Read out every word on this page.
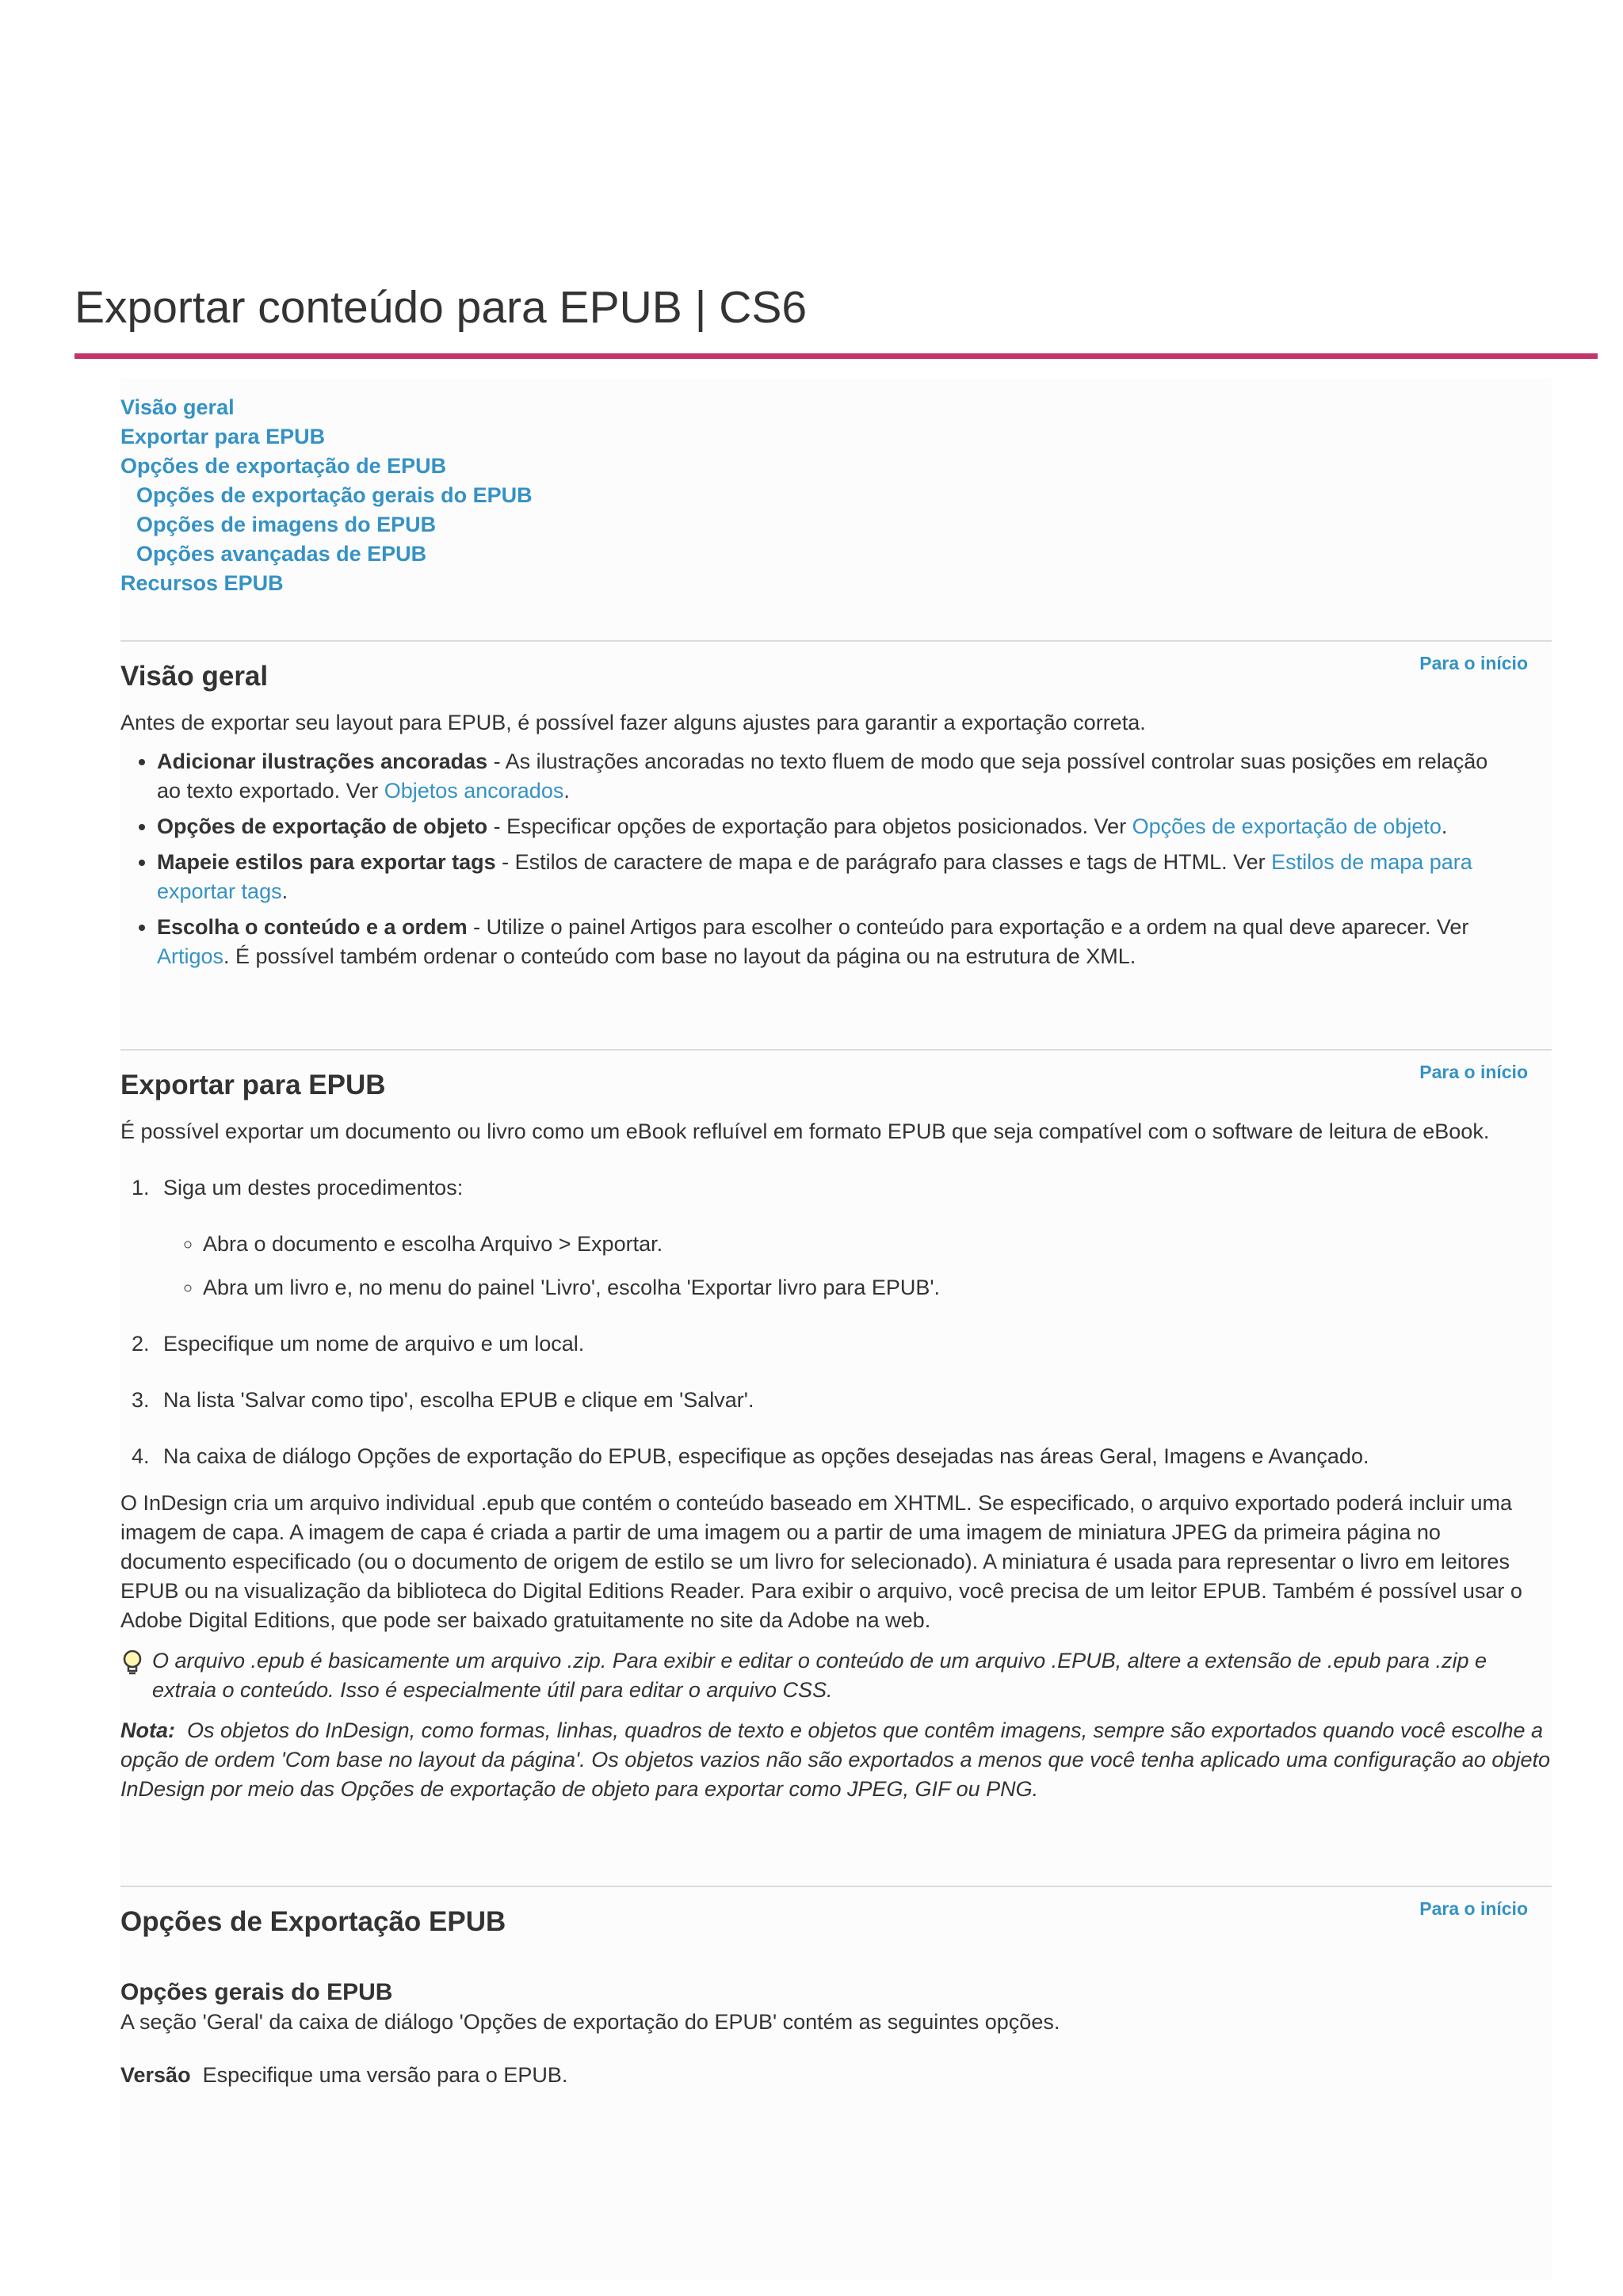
Exportar conteúdo para EPUB | CS6
Visão geral
Exportar para EPUB
Opções de exportação de EPUB
Opções de exportação gerais do EPUB
Opções de imagens do EPUB
Opções avançadas de EPUB
Recursos EPUB
Para o início
Visão geral

Antes de exportar seu layout para EPUB, é possível fazer alguns ajustes para garantir a exportação correta.

• Adicionar ilustrações ancoradas - As ilustrações ancoradas no texto fluem de modo que seja possível controlar suas posições em relação ao texto exportado. Ver Objetos ancorados.
• Opções de exportação de objeto - Especificar opções de exportação para objetos posicionados. Ver Opções de exportação de objeto.
• Mapeie estilos para exportar tags - Estilos de caractere de mapa e de parágrafo para classes e tags de HTML. Ver Estilos de mapa para exportar tags.
• Escolha o conteúdo e a ordem - Utilize o painel Artigos para escolher o conteúdo para exportação e a ordem na qual deve aparecer. Ver Artigos. É possível também ordenar o conteúdo com base no layout da página ou na estrutura de XML.
Para o início
Exportar para EPUB

É possível exportar um documento ou livro como um eBook refluível em formato EPUB que seja compatível com o software de leitura de eBook.

1. Siga um destes procedimentos:
◦ Abra o documento e escolha Arquivo > Exportar.
◦ Abra um livro e, no menu do painel 'Livro', escolha 'Exportar livro para EPUB'.
2. Especifique um nome de arquivo e um local.
3. Na lista 'Salvar como tipo', escolha EPUB e clique em 'Salvar'.
4. Na caixa de diálogo Opções de exportação do EPUB, especifique as opções desejadas nas áreas Geral, Imagens e Avançado.

O InDesign cria um arquivo individual .epub que contém o conteúdo baseado em XHTML. Se especificado, o arquivo exportado poderá incluir uma imagem de capa. A imagem de capa é criada a partir de uma imagem ou a partir de uma imagem de miniatura JPEG da primeira página no documento especificado (ou o documento de origem de estilo se um livro for selecionado). A miniatura é usada para representar o livro em leitores EPUB ou na visualização da biblioteca do Digital Editions Reader. Para exibir o arquivo, você precisa de um leitor EPUB. Também é possível usar o Adobe Digital Editions, que pode ser baixado gratuitamente no site da Adobe na web.

O arquivo .epub é basicamente um arquivo .zip. Para exibir e editar o conteúdo de um arquivo .EPUB, altere a extensão de .epub para .zip e extraia o conteúdo. Isso é especialmente útil para editar o arquivo CSS.

Nota: Os objetos do InDesign, como formas, linhas, quadros de texto e objetos que contêm imagens, sempre são exportados quando você escolhe a opção de ordem 'Com base no layout da página'. Os objetos vazios não são exportados a menos que você tenha aplicado uma configuração ao objeto InDesign por meio das Opções de exportação de objeto para exportar como JPEG, GIF ou PNG.

Para o início
Opções de Exportação EPUB
Opções gerais do EPUB

A seção 'Geral' da caixa de diálogo 'Opções de exportação do EPUB' contém as seguintes opções.

Versão Especifique uma versão para o EPUB.
